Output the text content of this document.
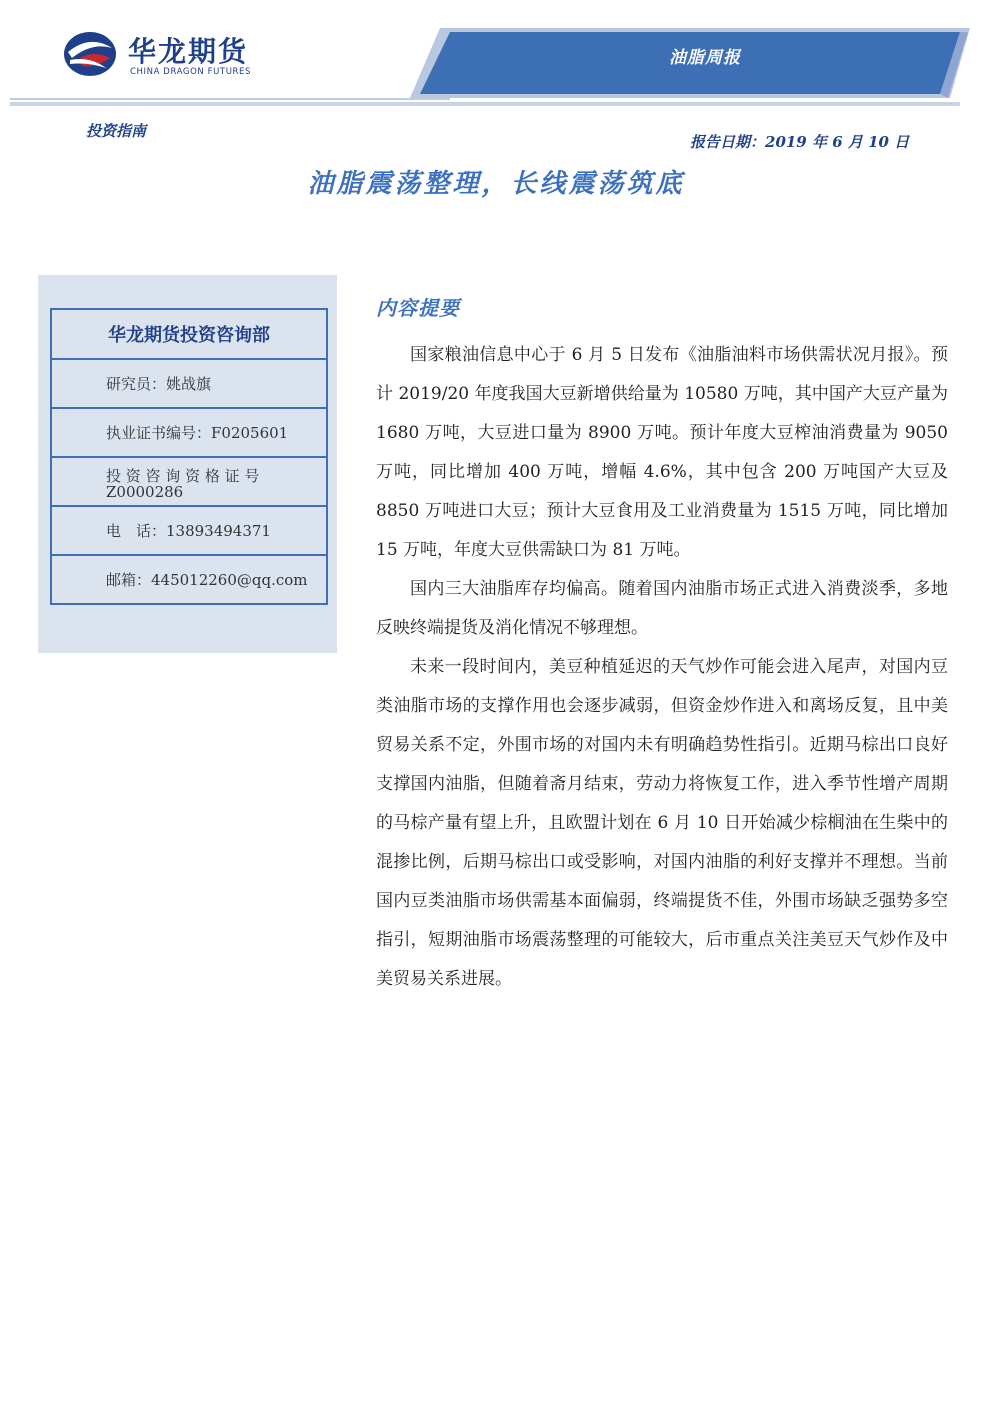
华龙期货
CHINA DRAGON FUTURES
油脂周报
投资指南
报告日期：2019 年 6 月 10 日
油脂震荡整理，长线震荡筑底
华龙期货投资咨询部
研究员：姚战旗
执业证书编号：F0205601
投 资 咨 询 资 格 证 号
Z0000286
电　话：13893494371
邮箱：445012260@qq.com
内容提要

国家粮油信息中心于 6 月 5 日发布《油脂油料市场供需状况月报》。预计 2019/20 年度我国大豆新增供给量为 10580 万吨，其中国产大豆产量为 1680 万吨，大豆进口量为 8900 万吨。预计年度大豆榨油消费量为 9050 万吨，同比增加 400 万吨，增幅 4.6%，其中包含 200 万吨国产大豆及 8850 万吨进口大豆；预计大豆食用及工业消费量为 1515 万吨，同比增加 15 万吨，年度大豆供需缺口为 81 万吨。

国内三大油脂库存均偏高。随着国内油脂市场正式进入消费淡季，多地反映终端提货及消化情况不够理想。

未来一段时间内，美豆种植延迟的天气炒作可能会进入尾声，对国内豆类油脂市场的支撑作用也会逐步减弱，但资金炒作进入和离场反复，且中美贸易关系不定，外围市场的对国内未有明确趋势性指引。近期马棕出口良好支撑国内油脂，但随着斋月结束，劳动力将恢复工作，进入季节性增产周期的马棕产量有望上升，且欧盟计划在 6 月 10 日开始减少棕榈油在生柴中的混掺比例，后期马棕出口或受影响，对国内油脂的利好支撑并不理想。当前国内豆类油脂市场供需基本面偏弱，终端提货不佳，外围市场缺乏强势多空指引，短期油脂市场震荡整理的可能较大，后市重点关注美豆天气炒作及中美贸易关系进展。
